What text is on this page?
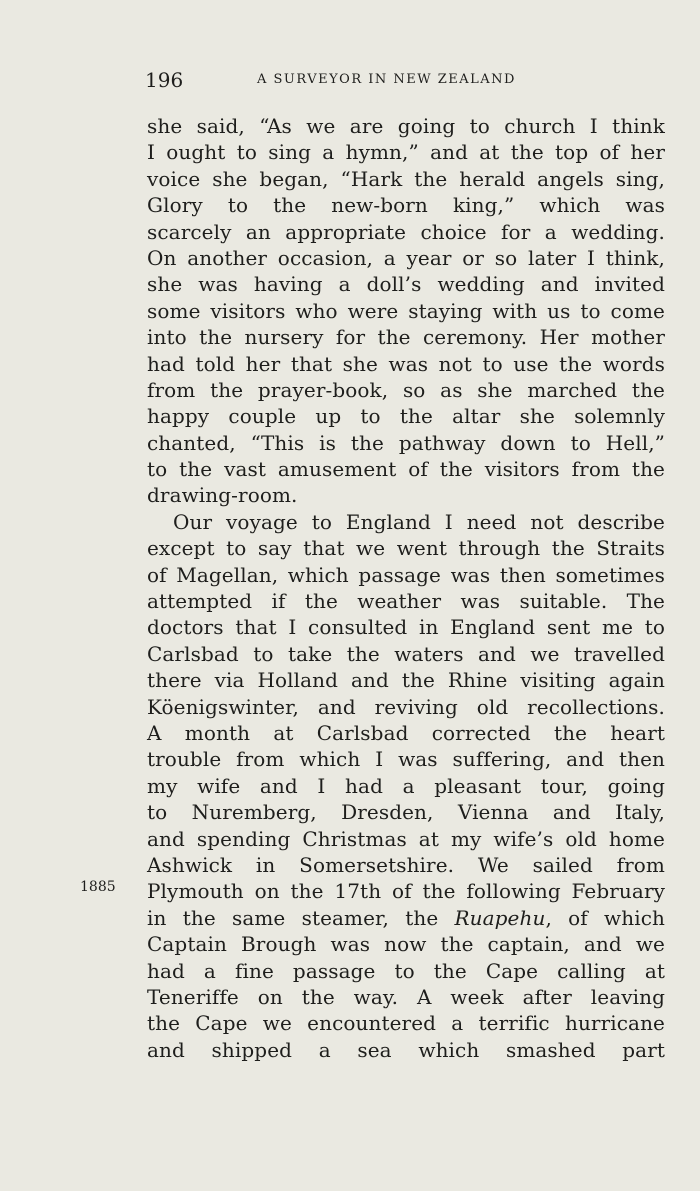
196	A SURVEYOR IN NEW ZEALAND
1885
she said, “As we are going to church I think
I ought to sing a hymn,” and at the top of her
voice she began, “Hark the herald angels sing,
Glory to the new-born king,” which was
scarcely an appropriate choice for a wedding.
On another occasion, a year or so later I think,
she was having a doll’s wedding and invited
some visitors who were staying with us to come
into the nursery for the ceremony. Her mother
had told her that she was not to use the words
from the prayer-book, so as she marched the
happy couple up to the altar she solemnly
chanted, “This is the pathway down to Hell,”
to the vast amusement of the visitors from the
drawing-room.
Our voyage to England I need not describe
except to say that we went through the Straits
of Magellan, which passage was then sometimes
attempted if the weather was suitable. The
doctors that I consulted in England sent me to
Carlsbad to take the waters and we travelled
there via Holland and the Rhine visiting again
Köenigswinter, and reviving old recollections.
A month at Carlsbad corrected the heart
trouble from which I was suffering, and then
my wife and I had a pleasant tour, going
to Nuremberg, Dresden, Vienna and Italy,
and spending Christmas at my wife’s old home
Ashwick in Somersetshire. We sailed from
Plymouth on the 17th of the following February
in the same steamer, the Ruapehu, of which
Captain Brough was now the captain, and we
had a fine passage to the Cape calling at
Teneriffe on the way. A week after leaving
the Cape we encountered a terrific hurricane
and shipped a sea which smashed part
